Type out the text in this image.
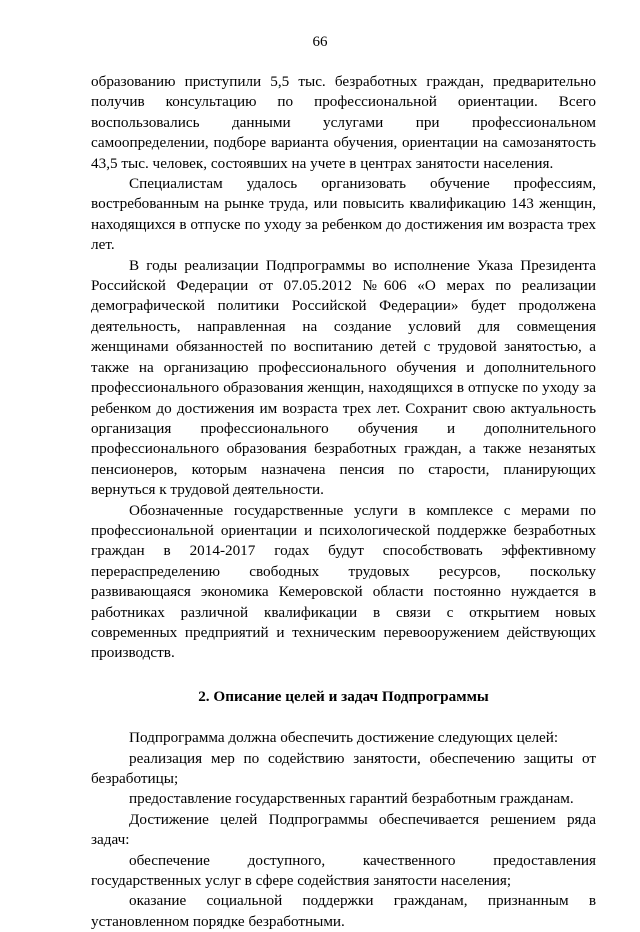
66

образованию приступили 5,5 тыс. безработных граждан, предварительно получив консультацию по профессиональной ориентации. Всего воспользовались данными услугами при профессиональном самоопределении, подборе варианта обучения, ориентации на самозанятость 43,5 тыс. человек, состоявших на учете в центрах занятости населения.

Специалистам удалось организовать обучение профессиям, востребованным на рынке труда, или повысить квалификацию 143 женщин, находящихся в отпуске по уходу за ребенком до достижения им возраста трех лет.

В годы реализации Подпрограммы во исполнение Указа Президента Российской Федерации от 07.05.2012 №606 «О мерах по реализации демографической политики Российской Федерации» будет продолжена деятельность, направленная на создание условий для совмещения женщинами обязанностей по воспитанию детей с трудовой занятостью, а также на организацию профессионального обучения и дополнительного профессионального образования женщин, находящихся в отпуске по уходу за ребенком до достижения им возраста трех лет. Сохранит свою актуальность организация профессионального обучения и дополнительного профессионального образования безработных граждан, а также незанятых пенсионеров, которым назначена пенсия по старости, планирующих вернуться к трудовой деятельности.

Обозначенные государственные услуги в комплексе с мерами по профессиональной ориентации и психологической поддержке безработных граждан в 2014-2017 годах будут способствовать эффективному перераспределению свободных трудовых ресурсов, поскольку развивающаяся экономика Кемеровской области постоянно нуждается в работниках различной квалификации в связи с открытием новых современных предприятий и техническим перевооружением действующих производств.

2. Описание целей и задач Подпрограммы

Подпрограмма должна обеспечить достижение следующих целей:

реализация мер по содействию занятости, обеспечению защиты от безработицы;

предоставление государственных гарантий безработным гражданам.

Достижение целей Подпрограммы обеспечивается решением ряда задач:

обеспечение доступного, качественного предоставления государственных услуг в сфере содействия занятости населения;

оказание социальной поддержки гражданам, признанным в установленном порядке безработными.
